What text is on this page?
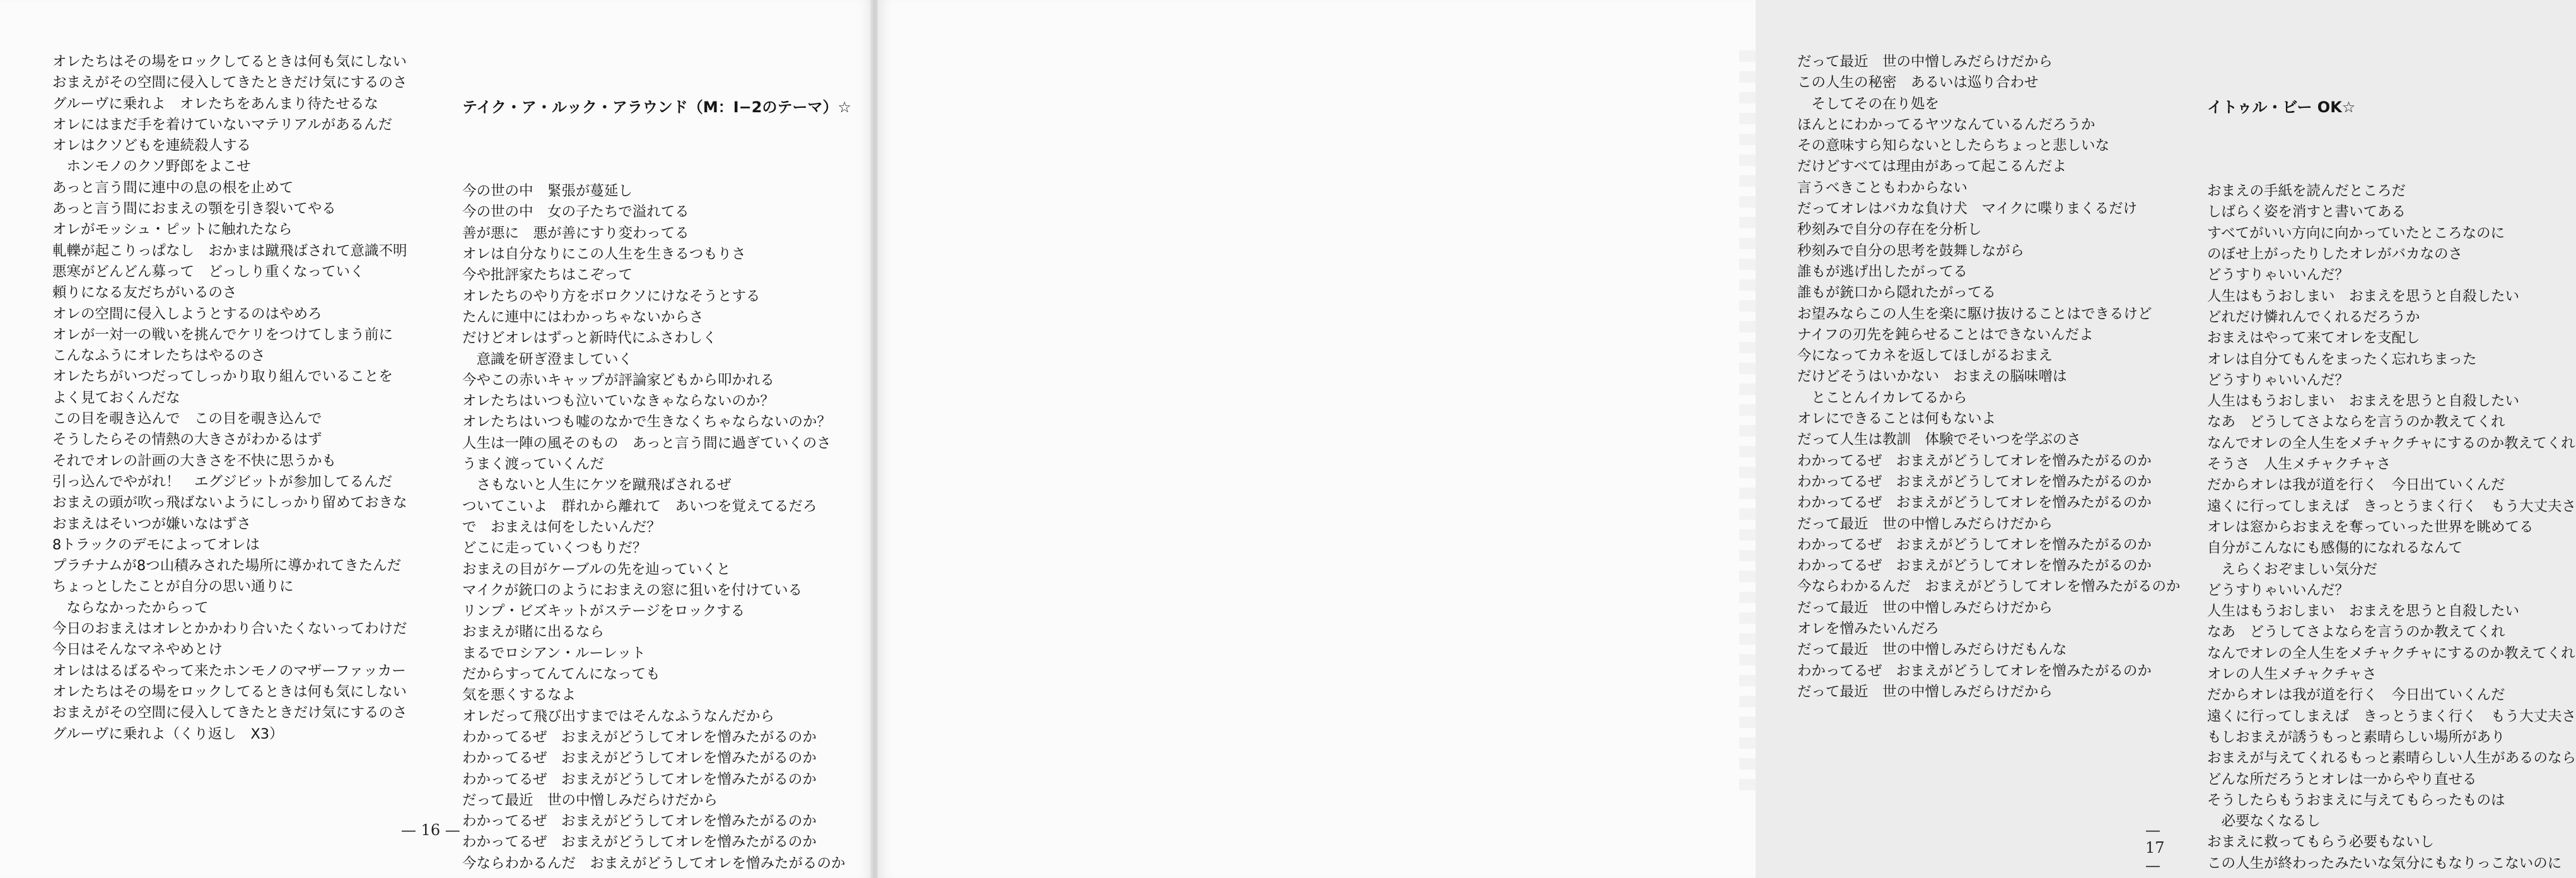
オレたちはその場をロックしてるときは何も気にしない
おまえがその空間に侵入してきたときだけ気にするのさ
グルーヴに乗れよ　オレたちをあんまり待たせるな
オレにはまだ手を着けていないマテリアルがあるんだ
オレはクソどもを連続殺人する
　ホンモノのクソ野郎をよこせ
あっと言う間に連中の息の根を止めて
あっと言う間におまえの顎を引き裂いてやる
オレがモッシュ・ピットに触れたなら
軋轢が起こりっぱなし　おかまは蹴飛ばされて意識不明
悪寒がどんどん募って　どっしり重くなっていく
頼りになる友だちがいるのさ
オレの空間に侵入しようとするのはやめろ
オレが一対一の戦いを挑んでケリをつけてしまう前に
こんなふうにオレたちはやるのさ
オレたちがいつだってしっかり取り組んでいることを
よく見ておくんだな
この目を覗き込んで　この目を覗き込んで
そうしたらその情熱の大きさがわかるはず
それでオレの計画の大きさを不快に思うかも
引っ込んでやがれ！　エグジビットが参加してるんだ
おまえの頭が吹っ飛ばないようにしっかり留めておきな
おまえはそいつが嫌いなはずさ
8トラックのデモによってオレは
プラチナムが8つ山積みされた場所に導かれてきたんだ
ちょっとしたことが自分の思い通りに
　ならなかったからって
今日のおまえはオレとかかわり合いたくないってわけだ
今日はそんなマネやめとけ
オレははるばるやって来たホンモノのマザーファッカー
オレたちはその場をロックしてるときは何も気にしない
おまえがその空間に侵入してきたときだけ気にするのさ
グルーヴに乗れよ（くり返し　X3）

テイク・ア・ルック・アラウンド（M：I−2のテーマ）☆

今の世の中　緊張が蔓延し
今の世の中　女の子たちで溢れてる
善が悪に　悪が善にすり変わってる
オレは自分なりにこの人生を生きるつもりさ
今や批評家たちはこぞって
オレたちのやり方をボロクソにけなそうとする
たんに連中にはわかっちゃないからさ
だけどオレはずっと新時代にふさわしく
　意識を研ぎ澄ましていく
今やこの赤いキャップが評論家どもから叩かれる
オレたちはいつも泣いていなきゃならないのか？
オレたちはいつも嘘のなかで生きなくちゃならないのか？
人生は一陣の風そのもの　あっと言う間に過ぎていくのさ
うまく渡っていくんだ
　さもないと人生にケツを蹴飛ばされるぜ
ついてこいよ　群れから離れて　あいつを覚えてるだろ
で　おまえは何をしたいんだ？
どこに走っていくつもりだ？
おまえの目がケーブルの先を辿っていくと
マイクが銃口のようにおまえの窓に狙いを付けている
リンプ・ビズキットがステージをロックする
おまえが賭に出るなら
まるでロシアン・ルーレット
だからすってんてんになっても
気を悪くするなよ
オレだって飛び出すまではそんなふうなんだから
わかってるぜ　おまえがどうしてオレを憎みたがるのか
わかってるぜ　おまえがどうしてオレを憎みたがるのか
わかってるぜ　おまえがどうしてオレを憎みたがるのか
だって最近　世の中憎しみだらけだから
わかってるぜ　おまえがどうしてオレを憎みたがるのか
わかってるぜ　おまえがどうしてオレを憎みたがるのか
今ならわかるんだ　おまえがどうしてオレを憎みたがるのか
— 16 —
だって最近　世の中憎しみだらけだから
この人生の秘密　あるいは巡り合わせ
　そしてその在り処を
ほんとにわかってるヤツなんているんだろうか
その意味すら知らないとしたらちょっと悲しいな
だけどすべては理由があって起こるんだよ
言うべきこともわからない
だってオレはバカな負け犬　マイクに喋りまくるだけ
秒刻みで自分の存在を分析し
秒刻みで自分の思考を鼓舞しながら
誰もが逃げ出したがってる
誰もが銃口から隠れたがってる
お望みならこの人生を楽に駆け抜けることはできるけど
ナイフの刃先を鈍らせることはできないんだよ
今になってカネを返してほしがるおまえ
だけどそうはいかない　おまえの脳味噌は
　とことんイカレてるから
オレにできることは何もないよ
だって人生は教訓　体験でそいつを学ぶのさ
わかってるぜ　おまえがどうしてオレを憎みたがるのか
わかってるぜ　おまえがどうしてオレを憎みたがるのか
わかってるぜ　おまえがどうしてオレを憎みたがるのか
だって最近　世の中憎しみだらけだから
わかってるぜ　おまえがどうしてオレを憎みたがるのか
わかってるぜ　おまえがどうしてオレを憎みたがるのか
今ならわかるんだ　おまえがどうしてオレを憎みたがるのか
だって最近　世の中憎しみだらけだから
オレを憎みたいんだろ
だって最近　世の中憎しみだらけだもんな
わかってるぜ　おまえがどうしてオレを憎みたがるのか
だって最近　世の中憎しみだらけだから

イトゥル・ビー OK☆

おまえの手紙を読んだところだ
しばらく姿を消すと書いてある
すべてがいい方向に向かっていたところなのに
のぼせ上がったりしたオレがバカなのさ
どうすりゃいいんだ？
人生はもうおしまい　おまえを思うと自殺したい
どれだけ憐れんでくれるだろうか
おまえはやって来てオレを支配し
オレは自分てもんをまったく忘れちまった
どうすりゃいいんだ？
人生はもうおしまい　おまえを思うと自殺したい
なあ　どうしてさよならを言うのか教えてくれ
なんでオレの全人生をメチャクチャにするのか教えてくれ
そうさ　人生メチャクチャさ
だからオレは我が道を行く　今日出ていくんだ
遠くに行ってしまえば　きっとうまく行く　もう大丈夫さ
オレは窓からおまえを奪っていった世界を眺めてる
自分がこんなにも感傷的になれるなんて
　えらくおぞましい気分だ
どうすりゃいいんだ？
人生はもうおしまい　おまえを思うと自殺したい
なあ　どうしてさよならを言うのか教えてくれ
なんでオレの全人生をメチャクチャにするのか教えてくれ
オレの人生メチャクチャさ
だからオレは我が道を行く　今日出ていくんだ
遠くに行ってしまえば　きっとうまく行く　もう大丈夫さ
もしおまえが誘うもっと素晴らしい場所があり
おまえが与えてくれるもっと素晴らしい人生があるのなら
どんな所だろうとオレは一からやり直せる
そうしたらもうおまえに与えてもらったものは
　必要なくなるし
おまえに救ってもらう必要もないし
この人生が終わったみたいな気分にもなりっこないのに
— 17 —
